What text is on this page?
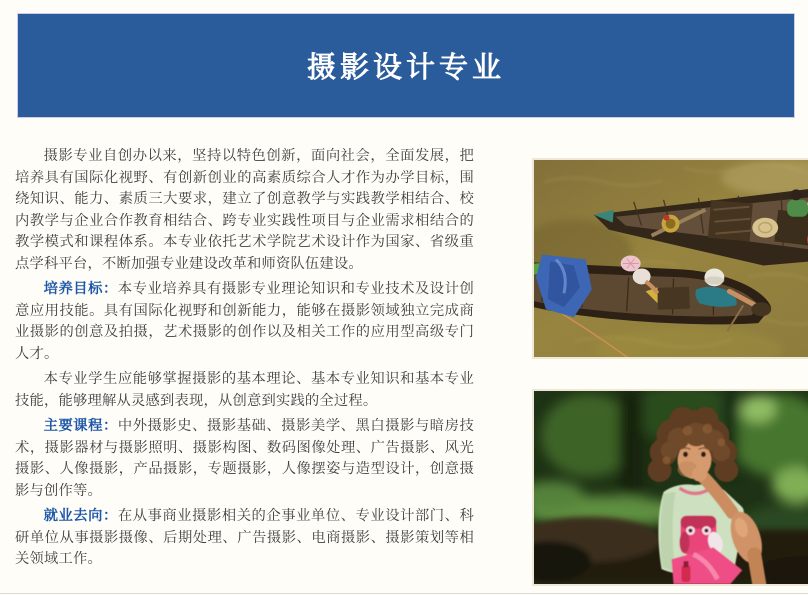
摄影设计专业

摄影专业自创办以来，坚持以特色创新，面向社会，全面发展，把培养具有国际化视野、有创新创业的高素质综合人才作为办学目标，围绕知识、能力、素质三大要求，建立了创意教学与实践教学相结合、校内教学与企业合作教育相结合、跨专业实践性项目与企业需求相结合的教学模式和课程体系。本专业依托艺术学院艺术设计作为国家、省级重点学科平台，不断加强专业建设改革和师资队伍建设。

培养目标：本专业培养具有摄影专业理论知识和专业技术及设计创意应用技能。具有国际化视野和创新能力，能够在摄影领域独立完成商业摄影的创意及拍摄，艺术摄影的创作以及相关工作的应用型高级专门人才。

本专业学生应能够掌握摄影的基本理论、基本专业知识和基本专业技能，能够理解从灵感到表现，从创意到实践的全过程。

主要课程：中外摄影史、摄影基础、摄影美学、黑白摄影与暗房技术，摄影器材与摄影照明、摄影构图、数码图像处理、广告摄影、风光摄影、人像摄影，产品摄影，专题摄影，人像摆姿与造型设计，创意摄影与创作等。

就业去向：在从事商业摄影相关的企事业单位、专业设计部门、科研单位从事摄影摄像、后期处理、广告摄影、电商摄影、摄影策划等相关领域工作。
